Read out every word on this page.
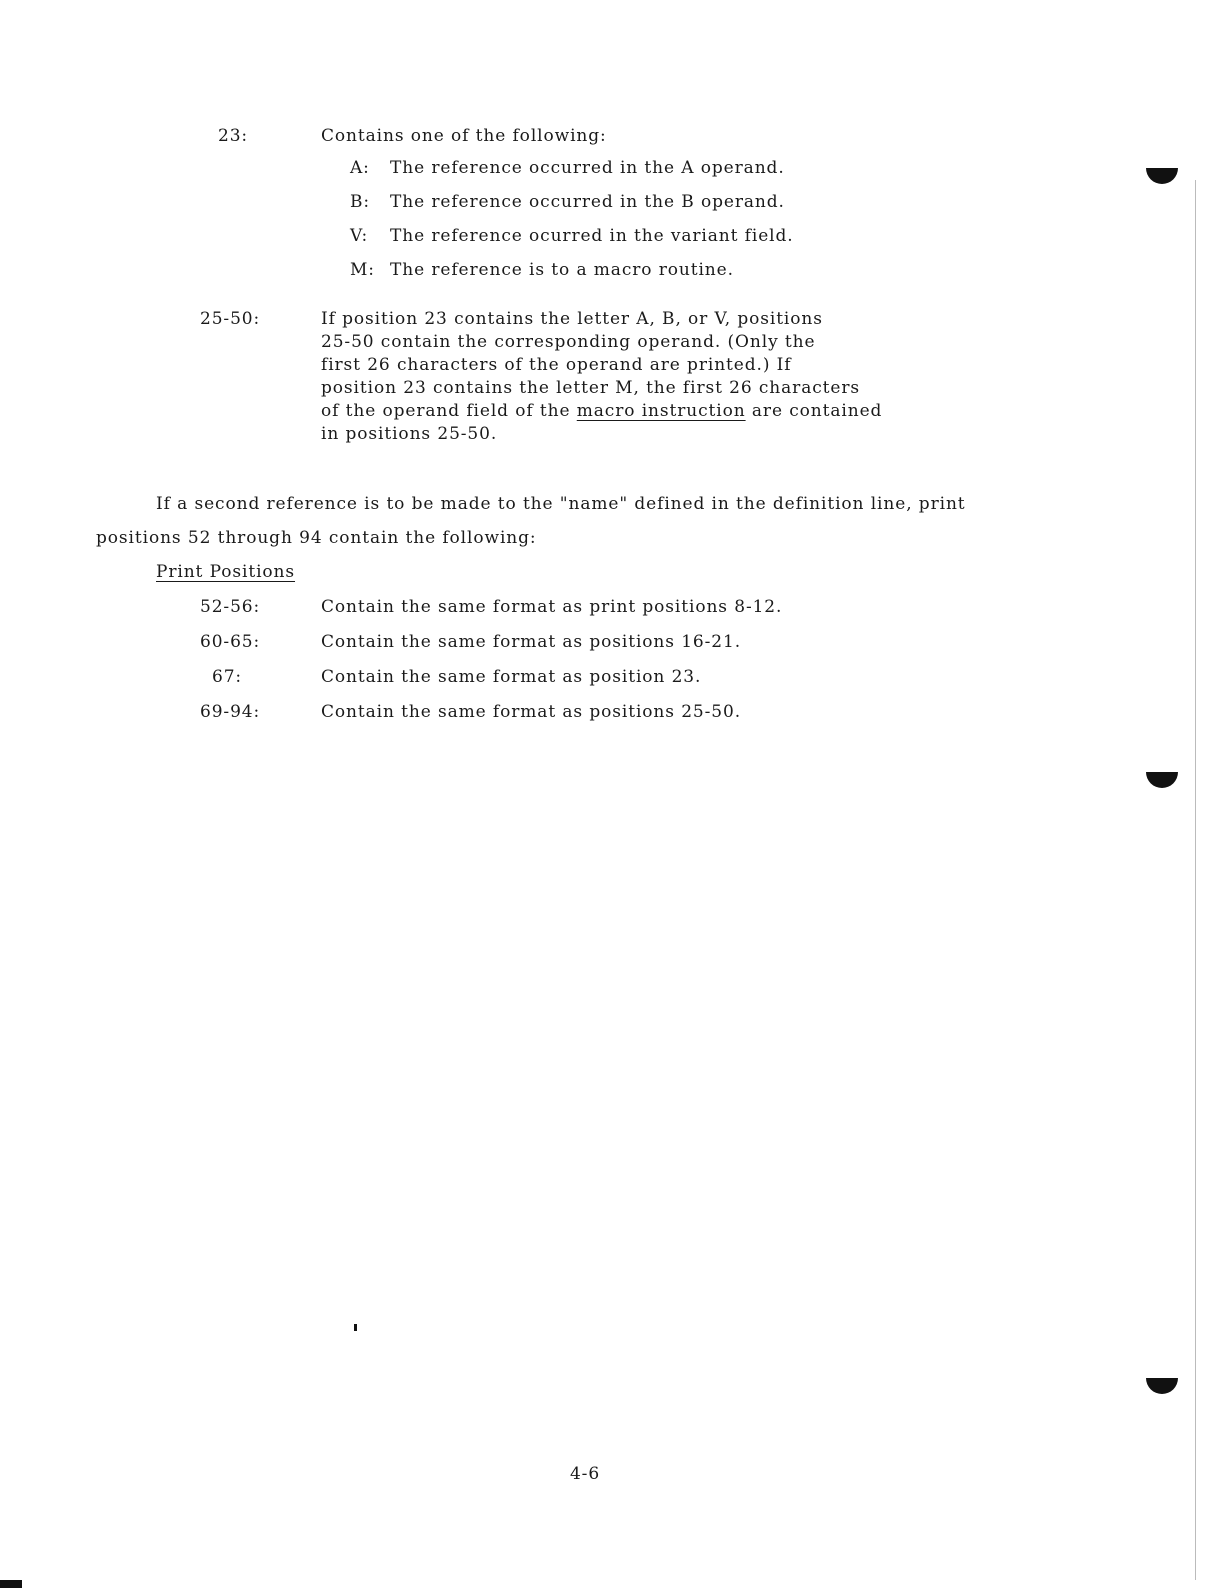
23:	Contains one of the following:
A: The reference occurred in the A operand.
B: The reference occurred in the B operand.
V: The reference ocurred in the variant field.
M: The reference is to a macro routine.
25-50:	If position 23 contains the letter A, B, or V, positions
25-50 contain the corresponding operand. (Only the
first 26 characters of the operand are printed.) If
position 23 contains the letter M, the first 26 characters
of the operand field of the macro instruction are contained
in positions 25-50.
If a second reference is to be made to the "name" defined in the definition line, print
positions 52 through 94 contain the following:
Print Positions
52-56:	Contain the same format as print positions 8-12.
60-65:	Contain the same format as positions 16-21.
67:	Contain the same format as position 23.
69-94:	Contain the same format as positions 25-50.
4-6
